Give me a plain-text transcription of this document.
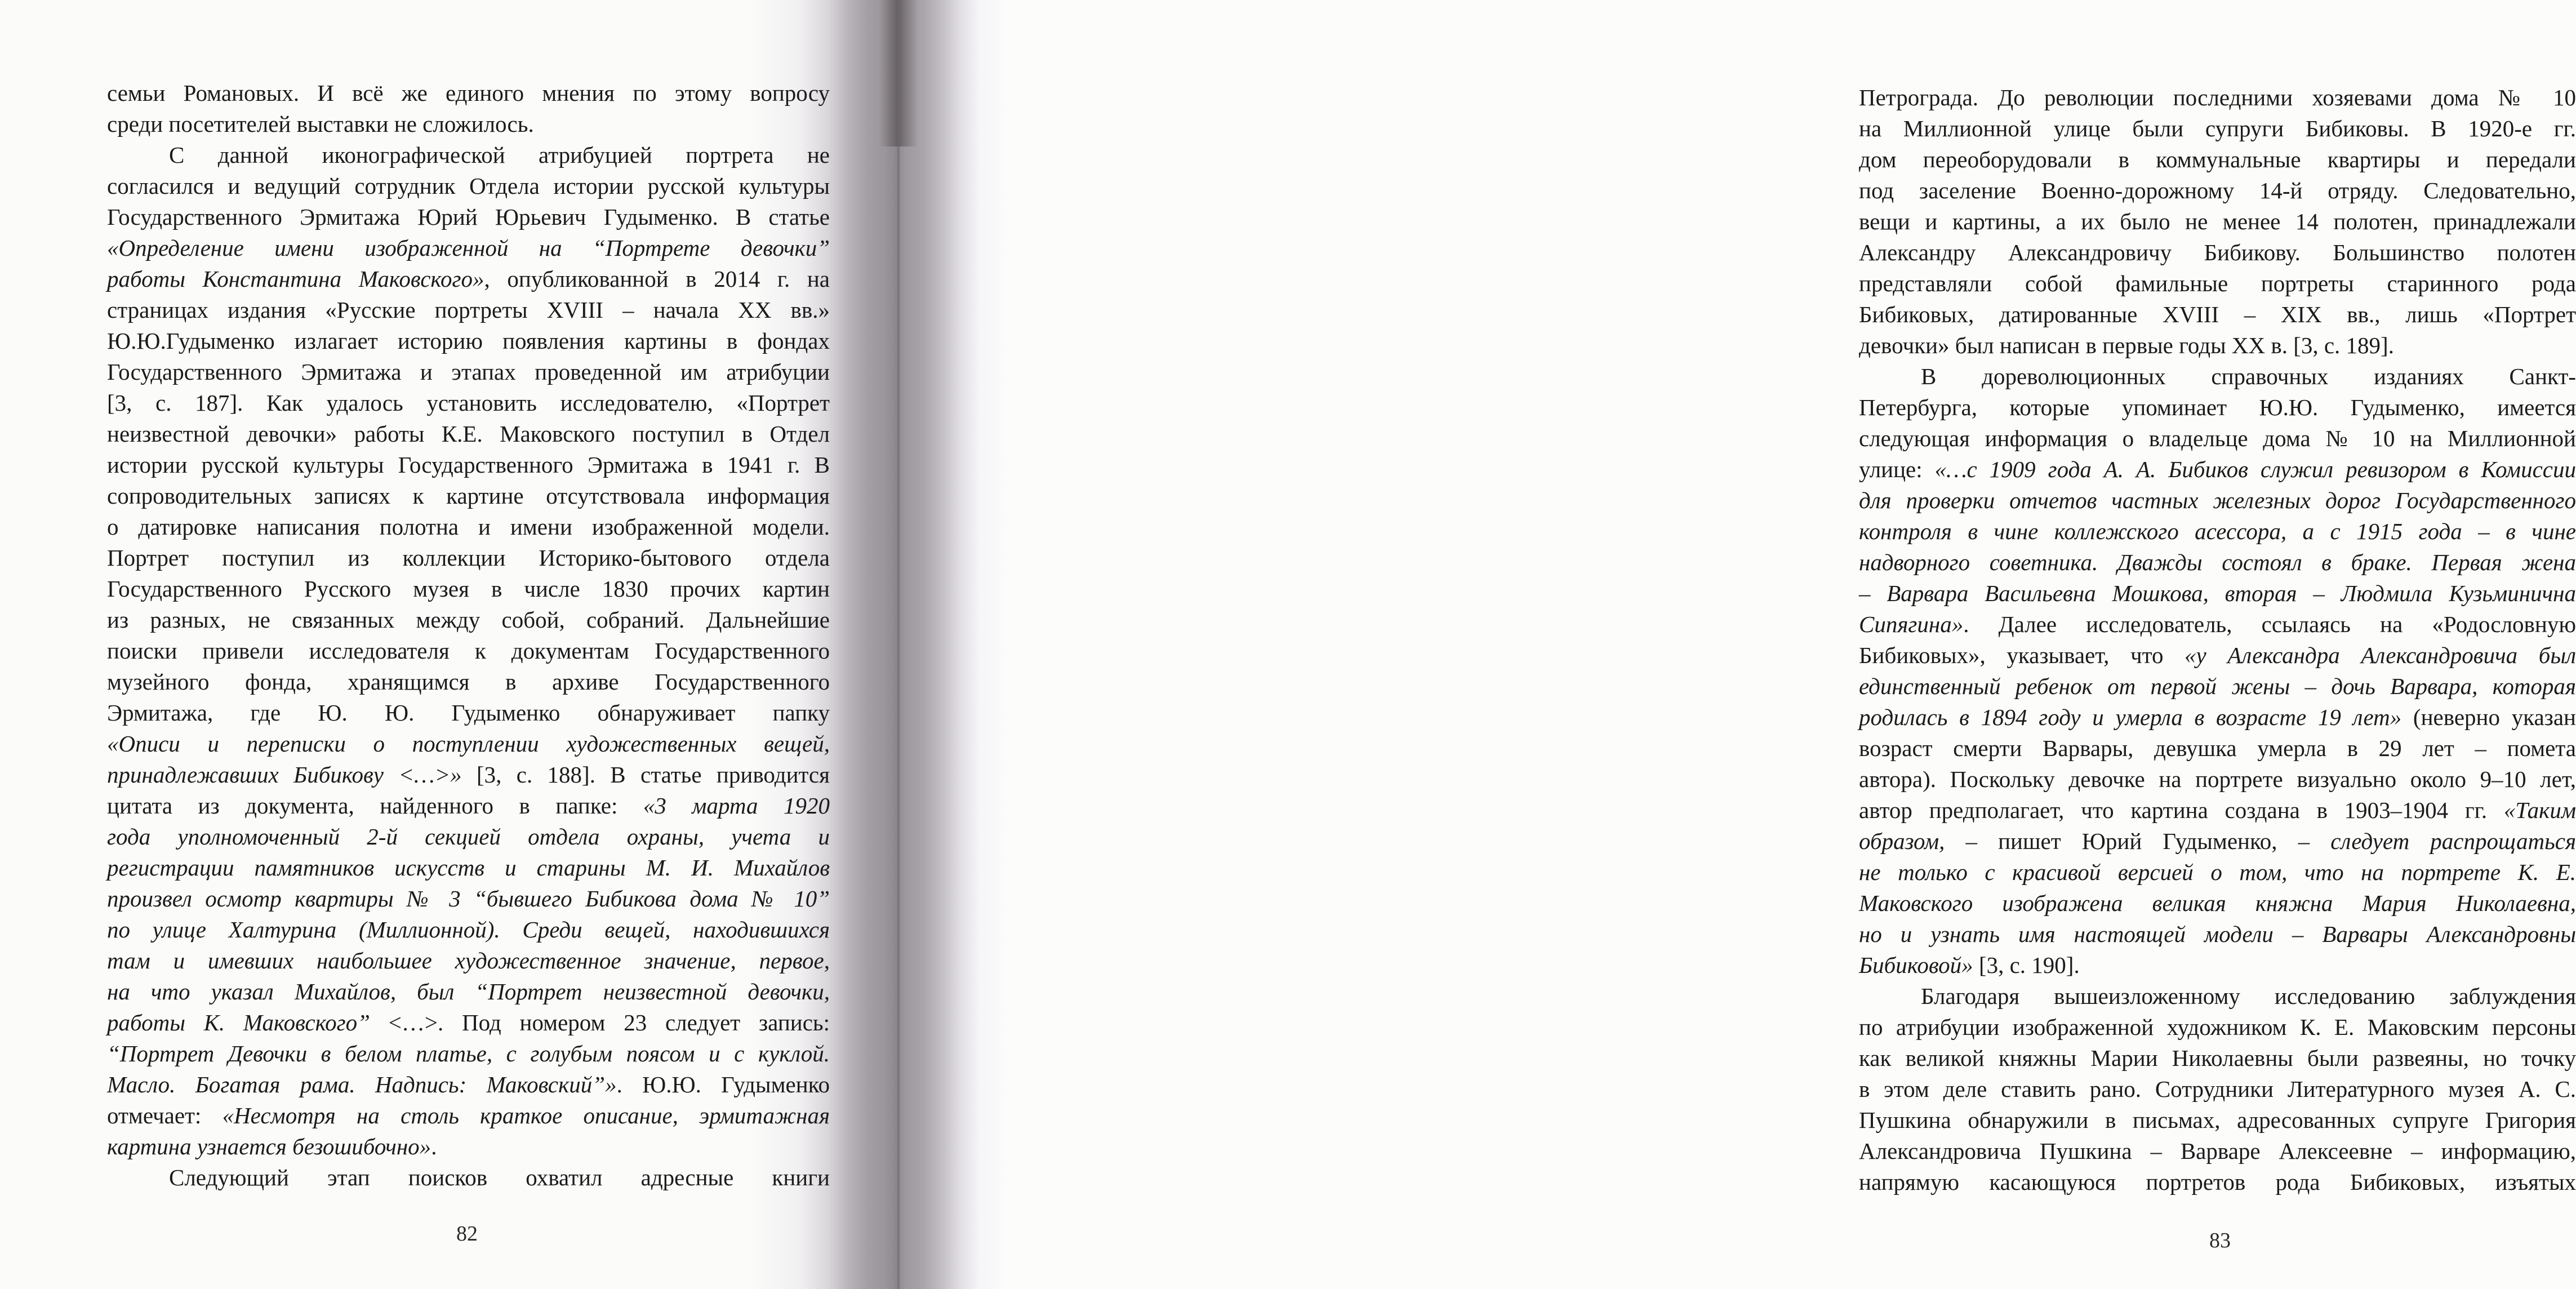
семьи Романовых. И всё же единого мнения по этому вопросу
среди посетителей выставки не сложилось.
С данной иконографической атрибуцией портрета не
согласился и ведущий сотрудник Отдела истории русской культуры
Государственного Эрмитажа Юрий Юрьевич Гудыменко. В статье
«Определение имени изображенной на “Портрете девочки”
работы Константина Маковского», опубликованной в 2014 г. на
страницах издания «Русские портреты XVIII – начала XX вв.»
Ю.Ю.Гудыменко излагает историю появления картины в фондах
Государственного Эрмитажа и этапах проведенной им атрибуции
[3, с. 187]. Как удалось установить исследователю, «Портрет
неизвестной девочки» работы К.Е. Маковского поступил в Отдел
истории русской культуры Государственного Эрмитажа в 1941 г. В
сопроводительных записях к картине отсутствовала информация
о датировке написания полотна и имени изображенной модели.
Портрет поступил из коллекции Историко-бытового отдела
Государственного Русского музея в числе 1830 прочих картин
из разных, не связанных между собой, собраний. Дальнейшие
поиски привели исследователя к документам Государственного
музейного фонда, хранящимся в архиве Государственного
Эрмитажа, где Ю. Ю. Гудыменко обнаруживает папку
«Описи и переписки о поступлении художественных вещей,
принадлежавших Бибикову <…>» [3, с. 188]. В статье приводится
цитата из документа, найденного в папке: «3 марта 1920
года уполномоченный 2-й секцией отдела охраны, учета и
регистрации памятников искусств и старины М. И. Михайлов
произвел осмотр квартиры № 3 “бывшего Бибикова дома № 10”
по улице Халтурина (Миллионной). Среди вещей, находившихся
там и имевших наибольшее художественное значение, первое,
на что указал Михайлов, был “Портрет неизвестной девочки,
работы К. Маковского” <…>. Под номером 23 следует запись:
“Портрет Девочки в белом платье, с голубым поясом и с куклой.
Масло. Богатая рама. Надпись: Маковский”». Ю.Ю. Гудыменко
отмечает: «Несмотря на столь краткое описание, эрмитажная
картина узнается безошибочно».
Следующий этап поисков охватил адресные книги
82
Петрограда. До революции последними хозяевами дома № 10
на Миллионной улице были супруги Бибиковы. В 1920-е гг.
дом переоборудовали в коммунальные квартиры и передали
под заселение Военно-дорожному 14-й отряду. Следовательно,
вещи и картины, а их было не менее 14 полотен, принадлежали
Александру Александровичу Бибикову. Большинство полотен
представляли собой фамильные портреты старинного рода
Бибиковых, датированные XVIII – XIX вв., лишь «Портрет
девочки» был написан в первые годы XX в. [3, с. 189].
В дореволюционных справочных изданиях Санкт-
Петербурга, которые упоминает Ю.Ю. Гудыменко, имеется
следующая информация о владельце дома № 10 на Миллионной
улице: «…с 1909 года А. А. Бибиков служил ревизором в Комиссии
для проверки отчетов частных железных дорог Государственного
контроля в чине коллежского асессора, а с 1915 года – в чине
надворного советника. Дважды состоял в браке. Первая жена
– Варвара Васильевна Мошкова, вторая – Людмила Кузьминична
Сипягина». Далее исследователь, ссылаясь на «Родословную
Бибиковых», указывает, что «у Александра Александровича был
единственный ребенок от первой жены – дочь Варвара, которая
родилась в 1894 году и умерла в возрасте 19 лет» (неверно указан
возраст смерти Варвары, девушка умерла в 29 лет – помета
автора). Поскольку девочке на портрете визуально около 9–10 лет,
автор предполагает, что картина создана в 1903–1904 гг. «Таким
образом, – пишет Юрий Гудыменко, – следует распрощаться
не только с красивой версией о том, что на портрете К. Е.
Маковского изображена великая княжна Мария Николаевна,
но и узнать имя настоящей модели – Варвары Александровны
Бибиковой» [3, с. 190].
Благодаря вышеизложенному исследованию заблуждения
по атрибуции изображенной художником К. Е. Маковским персоны
как великой княжны Марии Николаевны были развеяны, но точку
в этом деле ставить рано. Сотрудники Литературного музея А. С.
Пушкина обнаружили в письмах, адресованных супруге Григория
Александровича Пушкина – Варваре Алексеевне – информацию,
напрямую касающуюся портретов рода Бибиковых, изъятых
83
